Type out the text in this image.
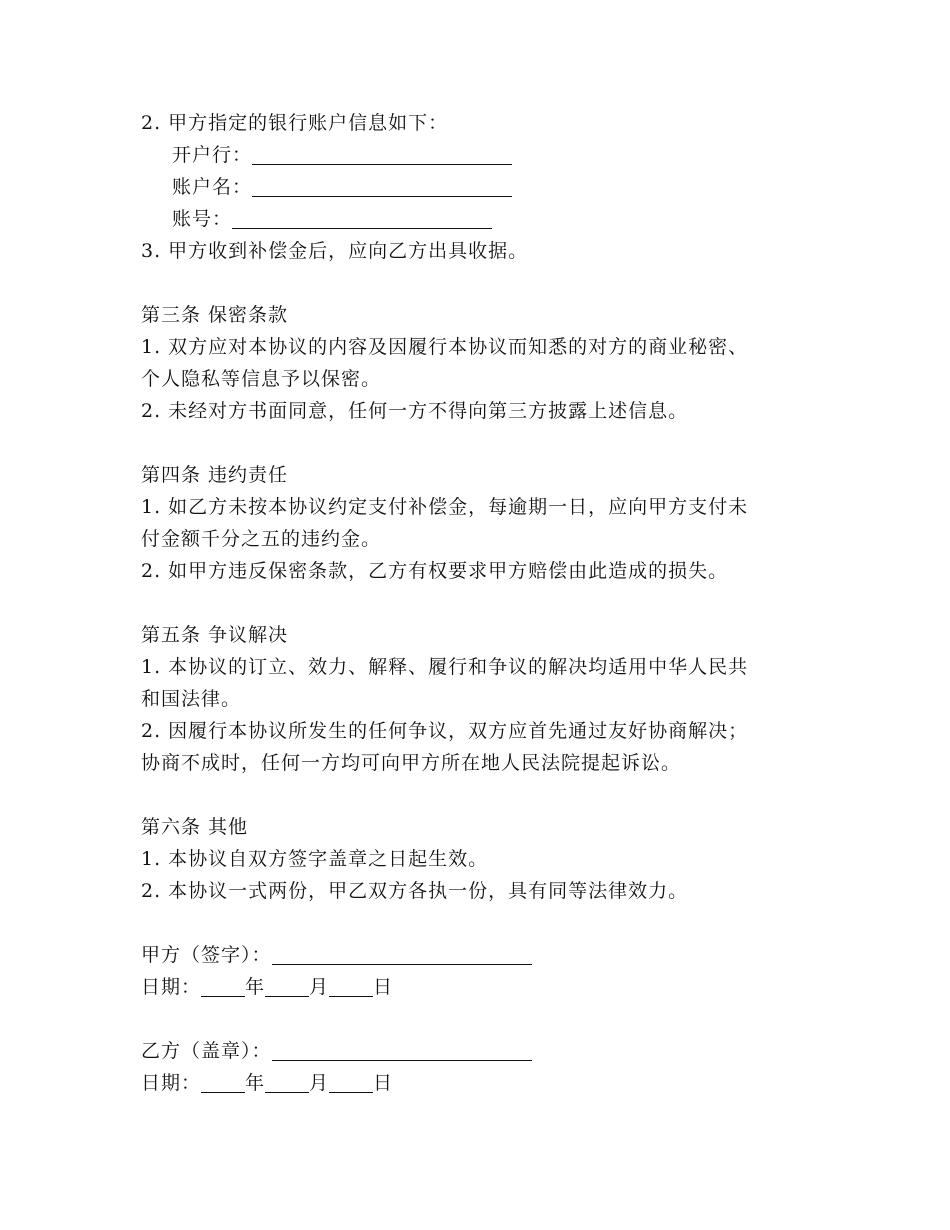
2. 甲方指定的银行账户信息如下：
开户行：
账户名：
账号：
3. 甲方收到补偿金后，应向乙方出具收据。
第三条 保密条款
1. 双方应对本协议的内容及因履行本协议而知悉的对方的商业秘密、
个人隐私等信息予以保密。
2. 未经对方书面同意，任何一方不得向第三方披露上述信息。
第四条 违约责任
1. 如乙方未按本协议约定支付补偿金，每逾期一日，应向甲方支付未
付金额千分之五的违约金。
2. 如甲方违反保密条款，乙方有权要求甲方赔偿由此造成的损失。
第五条 争议解决
1. 本协议的订立、效力、解释、履行和争议的解决均适用中华人民共
和国法律。
2. 因履行本协议所发生的任何争议，双方应首先通过友好协商解决；
协商不成时，任何一方均可向甲方所在地人民法院提起诉讼。
第六条 其他
1. 本协议自双方签字盖章之日起生效。
2. 本协议一式两份，甲乙双方各执一份，具有同等法律效力。
甲方（签字）：
日期： 年 月 日
乙方（盖章）：
日期： 年 月 日
